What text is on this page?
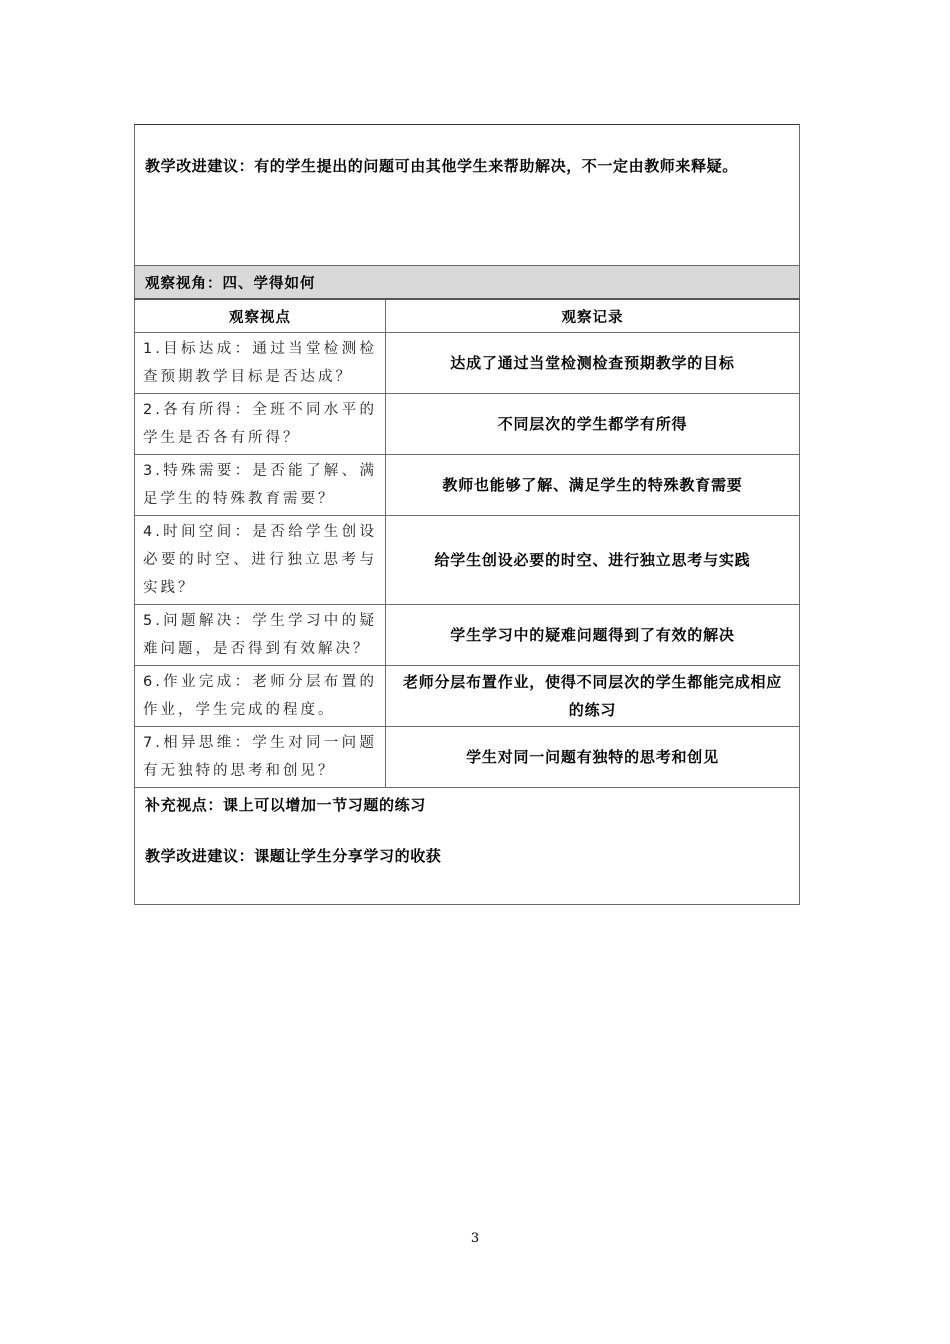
教学改进建议：有的学生提出的问题可由其他学生来帮助解决，不一定由教师来释疑。	
观察视角：四、学得如何	
观察视点	观察记录
1.目标达成：通过当堂检测检查预期教学目标是否达成？	达成了通过当堂检测检查预期教学的目标
2.各有所得：全班不同水平的学生是否各有所得？	不同层次的学生都学有所得
3.特殊需要：是否能了解、满足学生的特殊教育需要？	教师也能够了解、满足学生的特殊教育需要
4.时间空间：是否给学生创设必要的时空、进行独立思考与实践？	给学生创设必要的时空、进行独立思考与实践
5.问题解决：学生学习中的疑难问题，是否得到有效解决？	学生学习中的疑难问题得到了有效的解决
6.作业完成：老师分层布置的作业，学生完成的程度。	老师分层布置作业，使得不同层次的学生都能完成相应的练习
7.相异思维：学生对同一问题有无独特的思考和创见？	学生对同一问题有独特的思考和创见
补充视点：课上可以增加一节习题的练习
教学改进建议：课题让学生分享学习的收获	
3
